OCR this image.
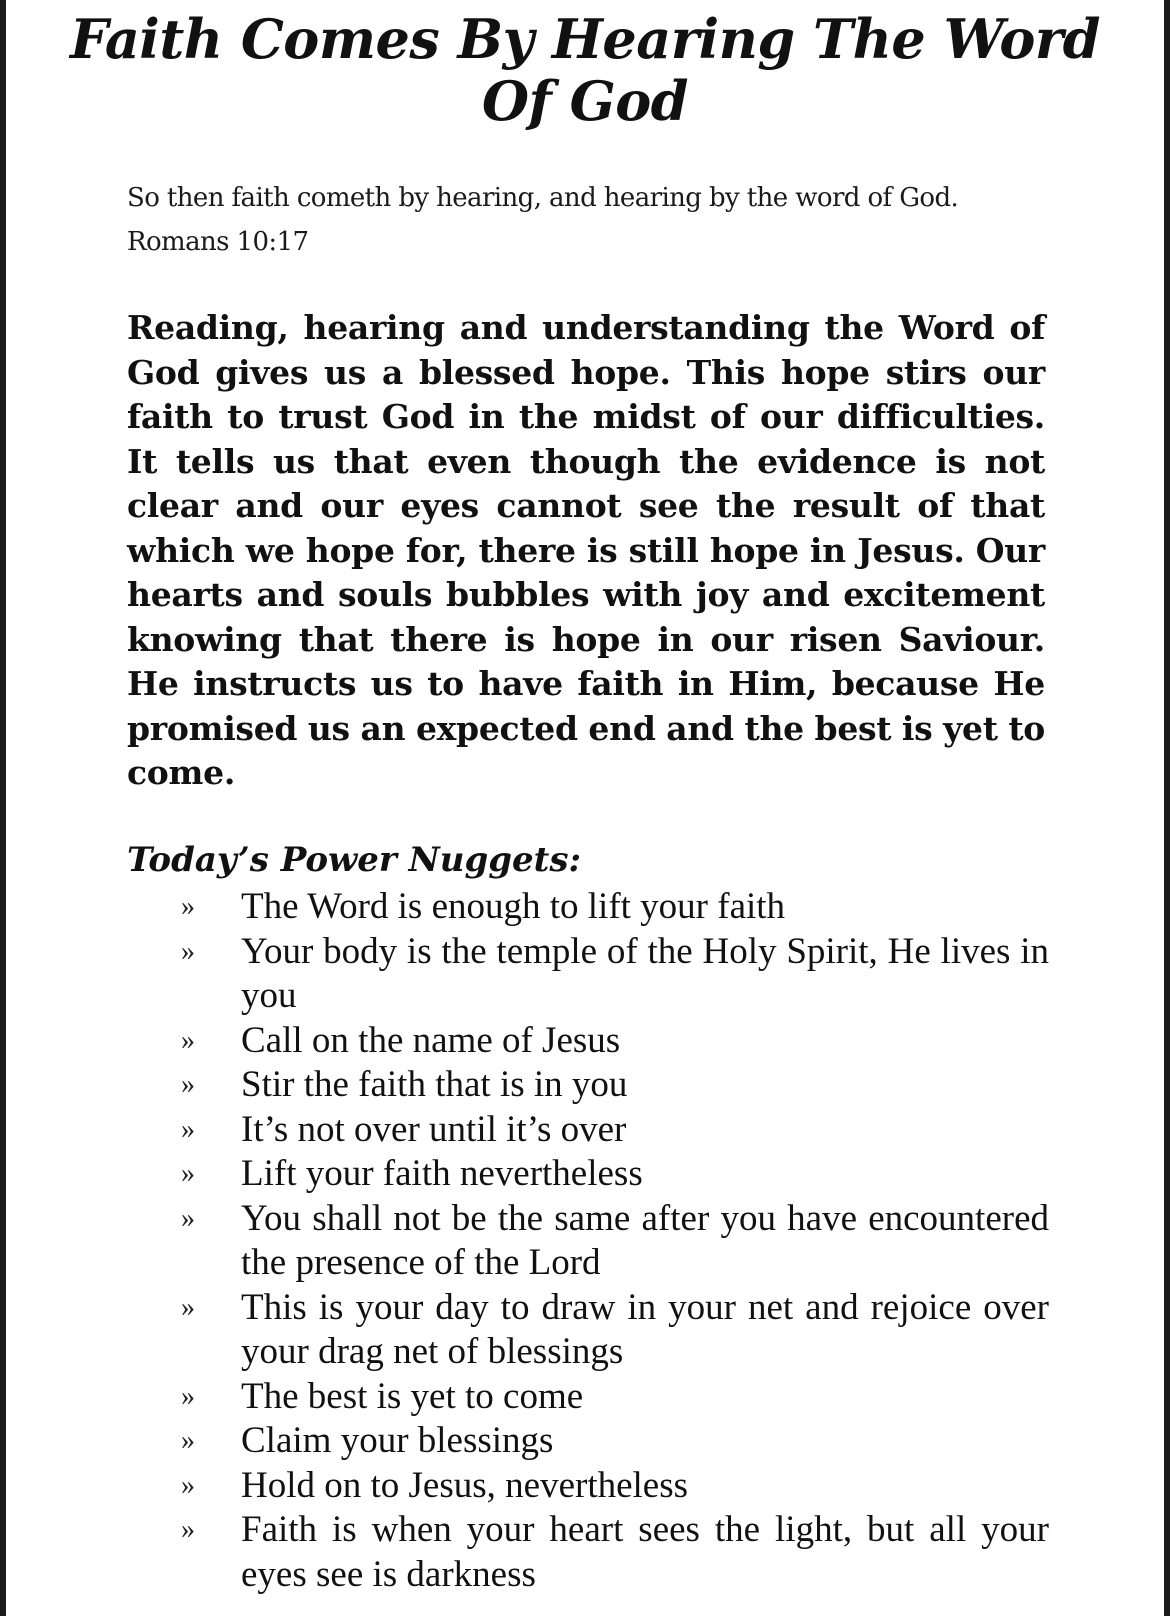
Faith Comes By Hearing The Word Of God

So then faith cometh by hearing, and hearing by the word of God. Romans 10:17

Reading, hearing and understanding the Word of God gives us a blessed hope. This hope stirs our faith to trust God in the midst of our difficulties. It tells us that even though the evidence is not clear and our eyes cannot see the result of that which we hope for, there is still hope in Jesus. Our hearts and souls bubbles with joy and excitement knowing that there is hope in our risen Saviour. He instructs us to have faith in Him, because He promised us an expected end and the best is yet to come.

Today’s Power Nuggets:
»	The Word is enough to lift your faith
»	Your body is the temple of the Holy Spirit, He lives in you
»	Call on the name of Jesus
»	Stir the faith that is in you
»	It’s not over until it’s over
»	Lift your faith nevertheless
»	You shall not be the same after you have encountered the presence of the Lord
»	This is your day to draw in your net and rejoice over your drag net of blessings
»	The best is yet to come
»	Claim your blessings
»	Hold on to Jesus, nevertheless
»	Faith is when your heart sees the light, but all your eyes see is darkness
